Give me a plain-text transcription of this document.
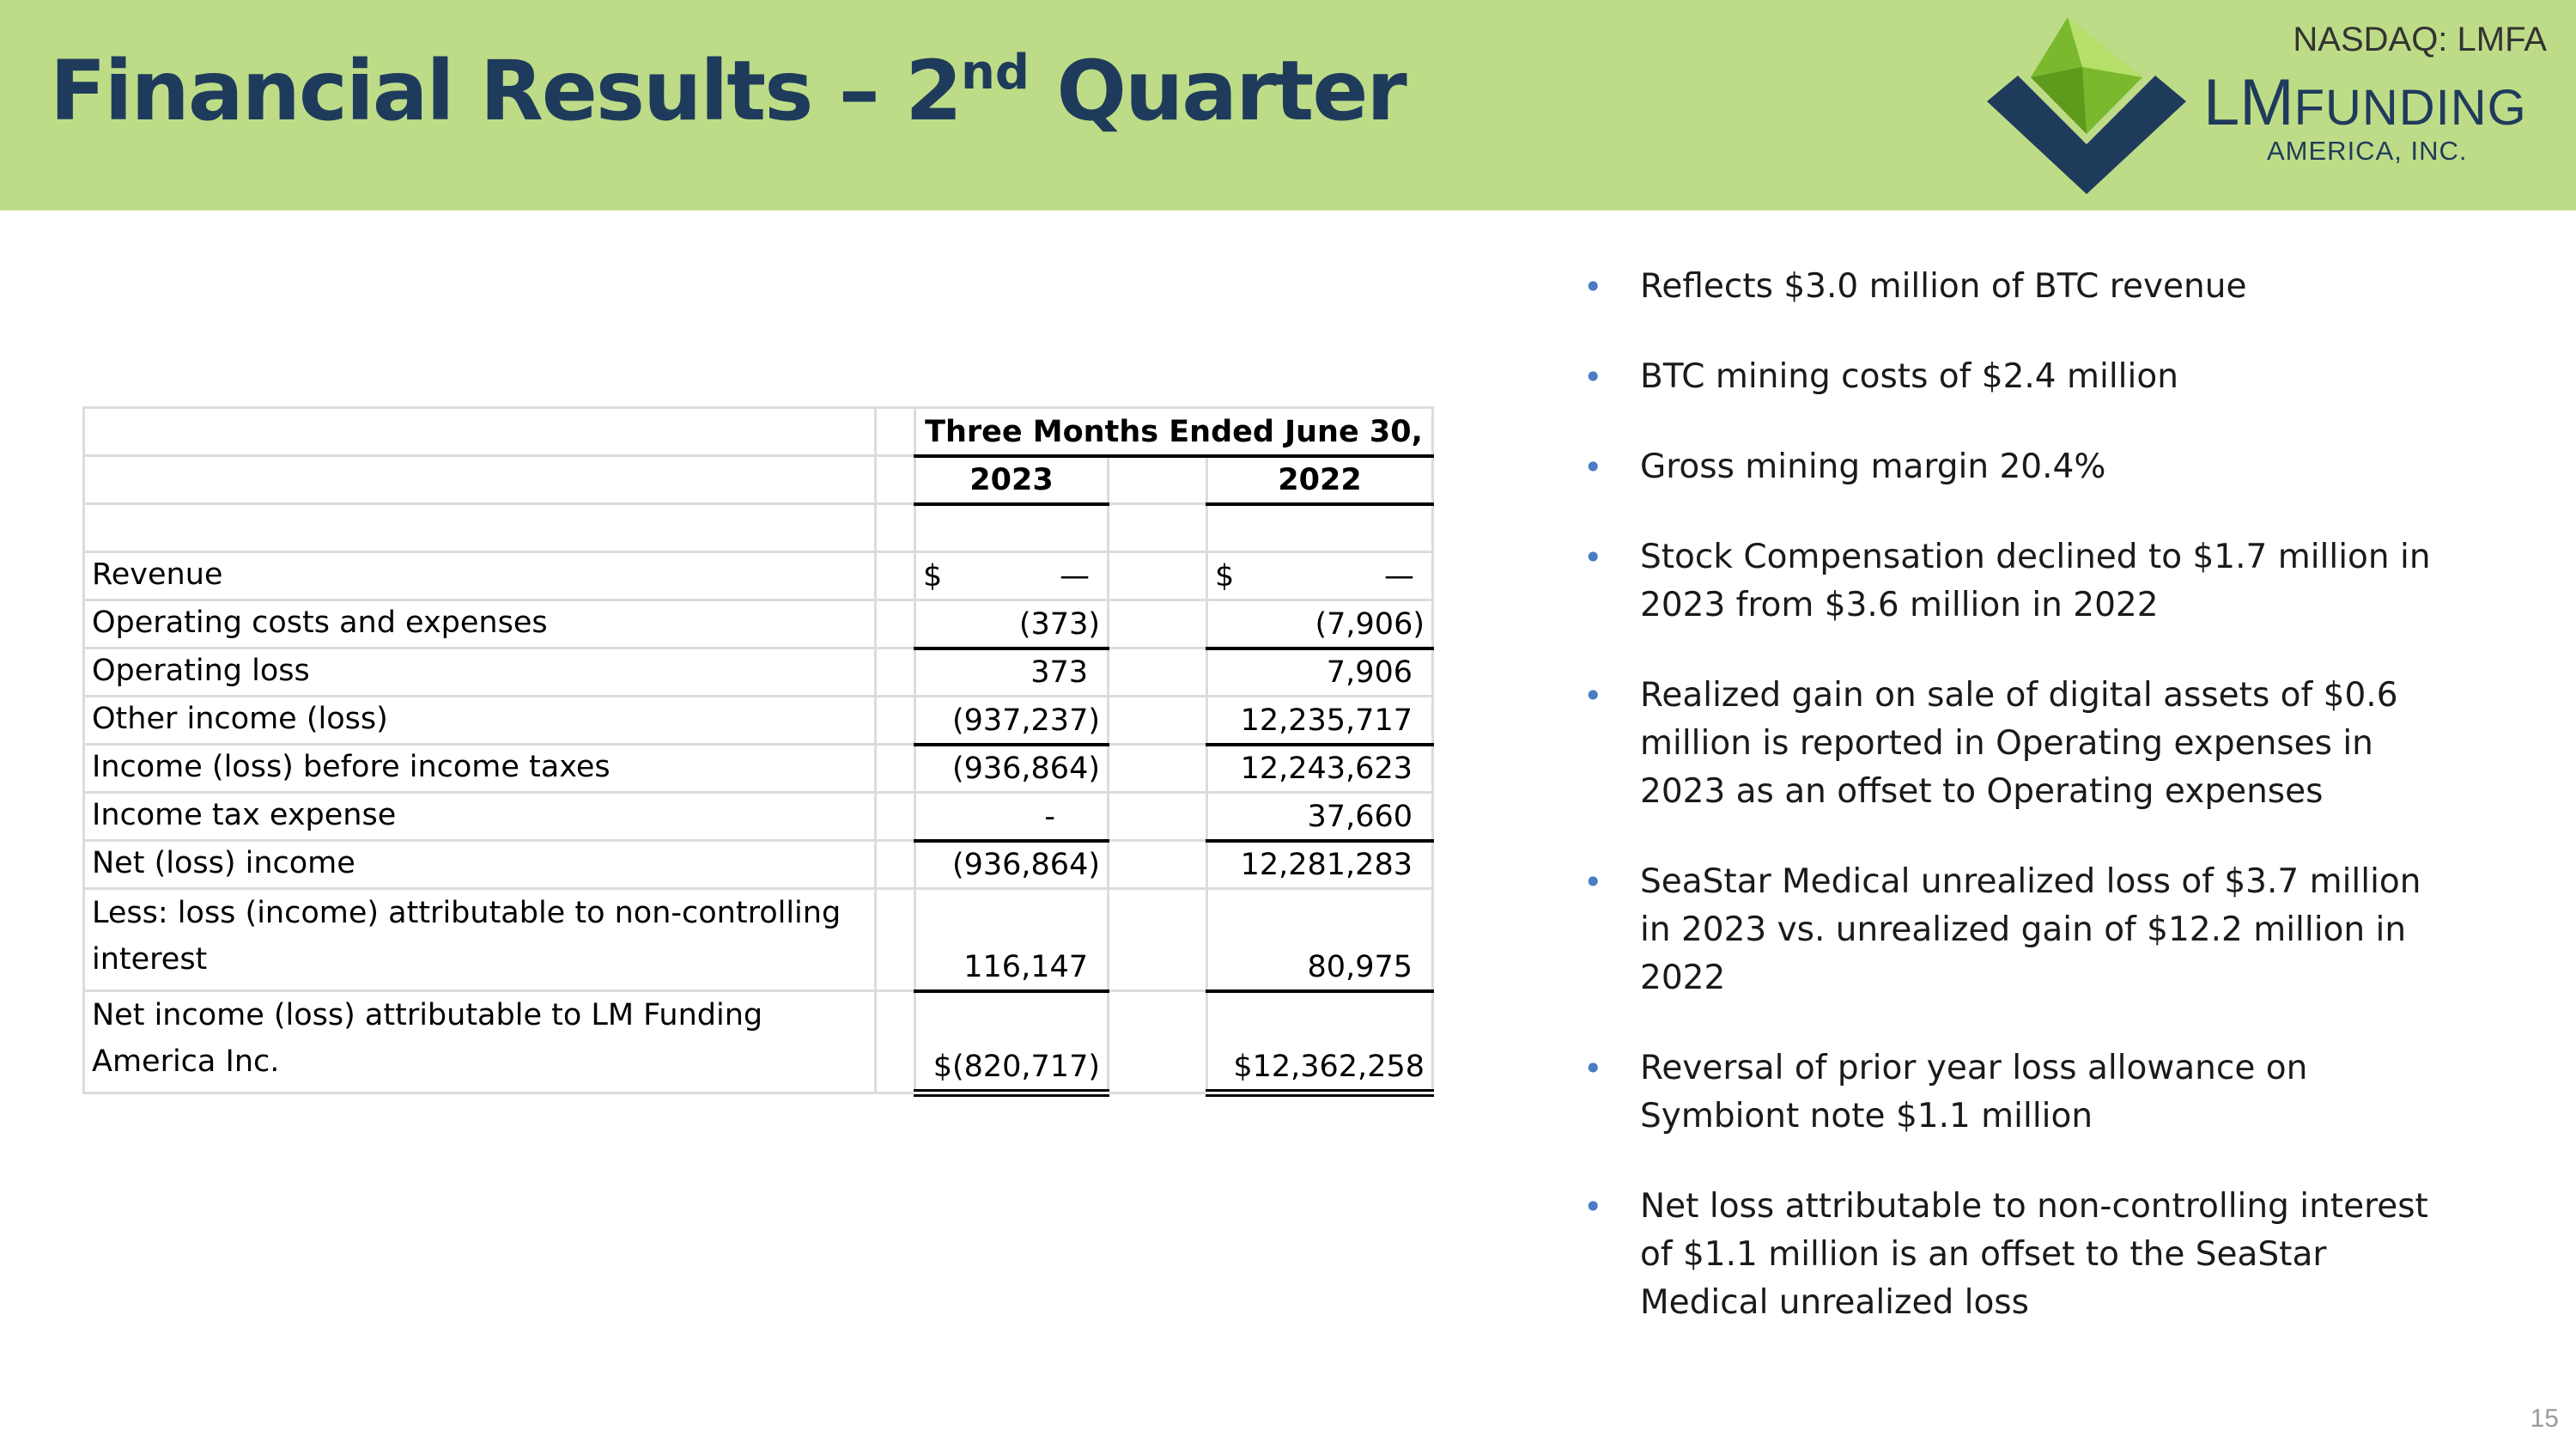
Financial Results – 2nd Quarter
NASDAQ: LMFA
LMFUNDING
AMERICA, INC.
		Three Months Ended June 30,		
		2023		2022

Revenue		$ —		$ —
Operating costs and expenses		(373)		(7,906)
Operating loss		373		7,906
Other income (loss)		(937,237)		12,235,717
Income (loss) before income taxes		(936,864)		12,243,623
Income tax expense		-		37,660
Net (loss) income		(936,864)		12,281,283
Less: loss (income) attributable to non-controlling
interest		116,147		80,975
Net income (loss) attributable to LM Funding
America Inc.		$(820,717)		$12,362,258
• Reflects $3.0 million of BTC revenue
• BTC mining costs of $2.4 million
• Gross mining margin 20.4%
• Stock Compensation declined to $1.7 million in 2023 from $3.6 million in 2022
• Realized gain on sale of digital assets of $0.6 million is reported in Operating expenses in 2023 as an offset to Operating expenses
• SeaStar Medical unrealized loss of $3.7 million in 2023 vs. unrealized gain of $12.2 million in 2022
• Reversal of prior year loss allowance on Symbiont note $1.1 million
• Net loss attributable to non-controlling interest of $1.1 million is an offset to the SeaStar Medical unrealized loss
15
